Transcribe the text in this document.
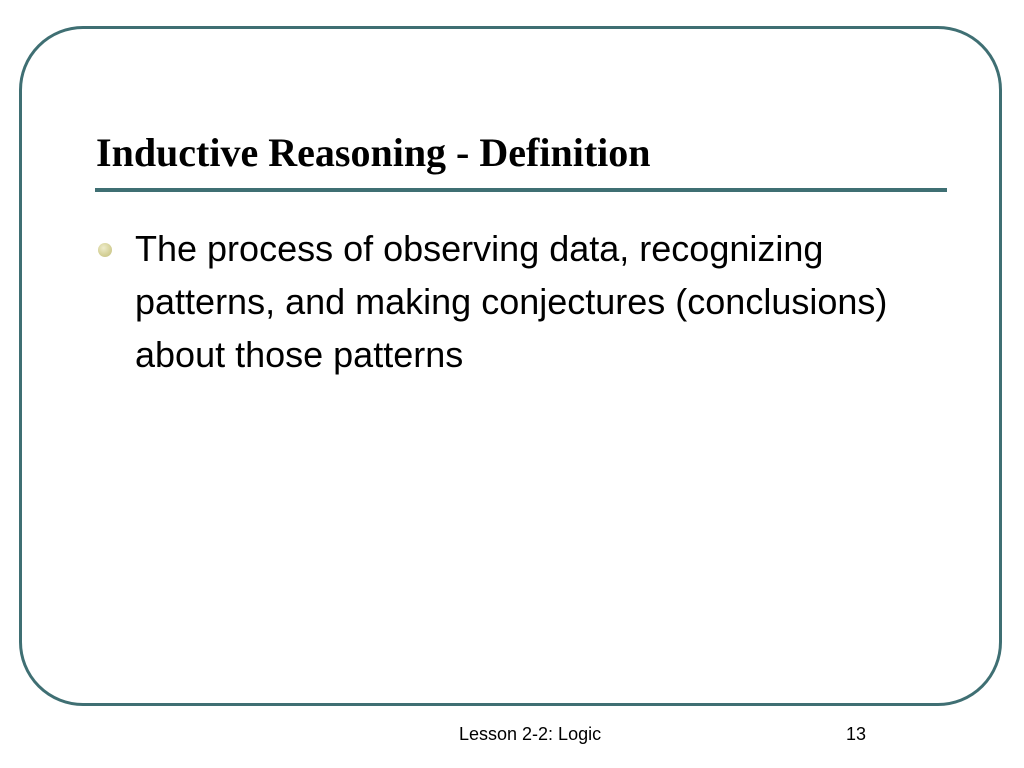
Inductive Reasoning - Definition
The process of observing data, recognizing patterns, and making conjectures (conclusions) about those patterns
Lesson 2-2: Logic	13
